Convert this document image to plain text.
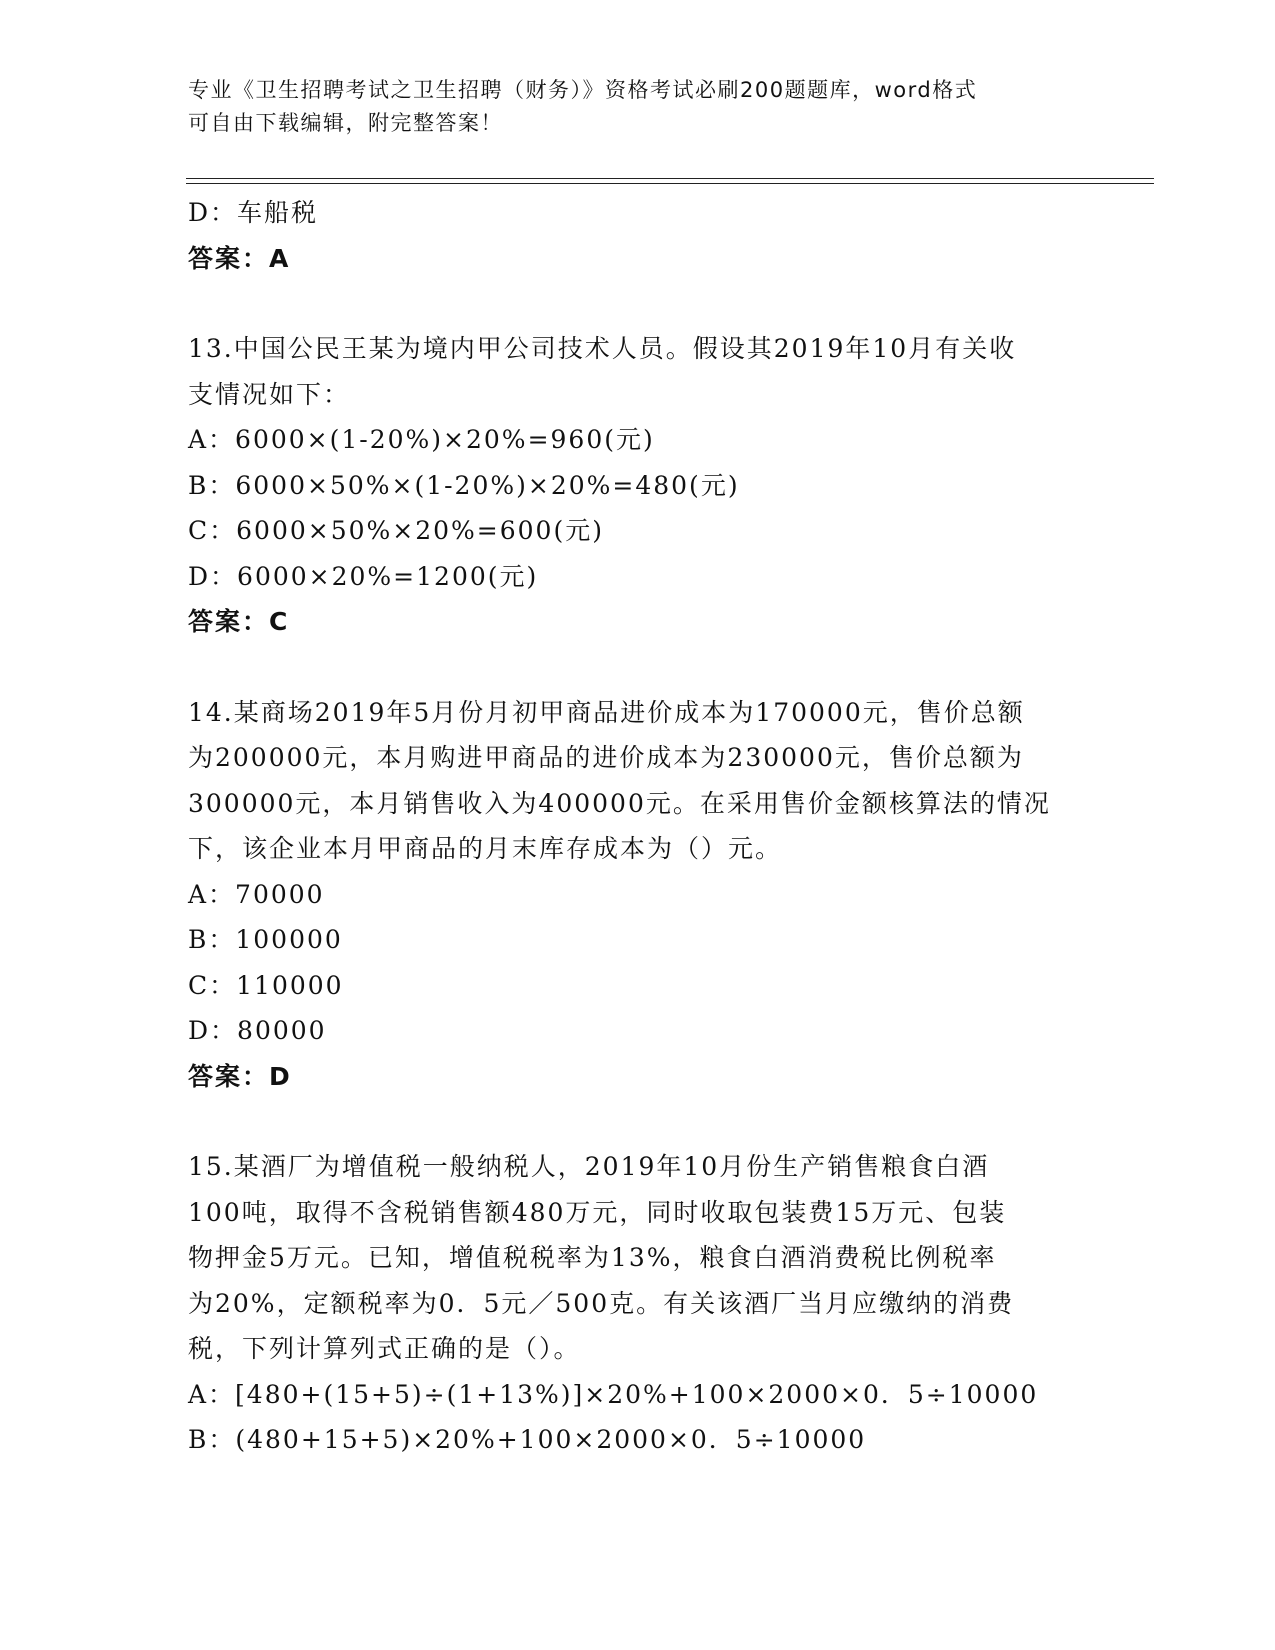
专业《卫生招聘考试之卫生招聘（财务）》资格考试必刷200题题库，word格式
可自由下载编辑，附完整答案！
D：车船税
答案：A
13.中国公民王某为境内甲公司技术人员。假设其2019年10月有关收
支情况如下：
A：6000×(1-20%)×20%=960(元)
B：6000×50%×(1-20%)×20%=480(元)
C：6000×50%×20%=600(元)
D：6000×20%=1200(元)
答案：C
14.某商场2019年5月份月初甲商品进价成本为170000元，售价总额
为200000元，本月购进甲商品的进价成本为230000元，售价总额为
300000元，本月销售收入为400000元。在采用售价金额核算法的情况
下，该企业本月甲商品的月末库存成本为（）元。
A：70000
B：100000
C：110000
D：80000
答案：D
15.某酒厂为增值税一般纳税人，2019年10月份生产销售粮食白酒
100吨，取得不含税销售额480万元，同时收取包装费15万元、包装
物押金5万元。已知，增值税税率为13%，粮食白酒消费税比例税率
为20%，定额税率为0．5元／500克。有关该酒厂当月应缴纳的消费
税，下列计算列式正确的是（）。
A：[480+(15+5)÷(1+13%)]×20%+100×2000×0．5÷10000
B：(480+15+5)×20%+100×2000×0．5÷10000
